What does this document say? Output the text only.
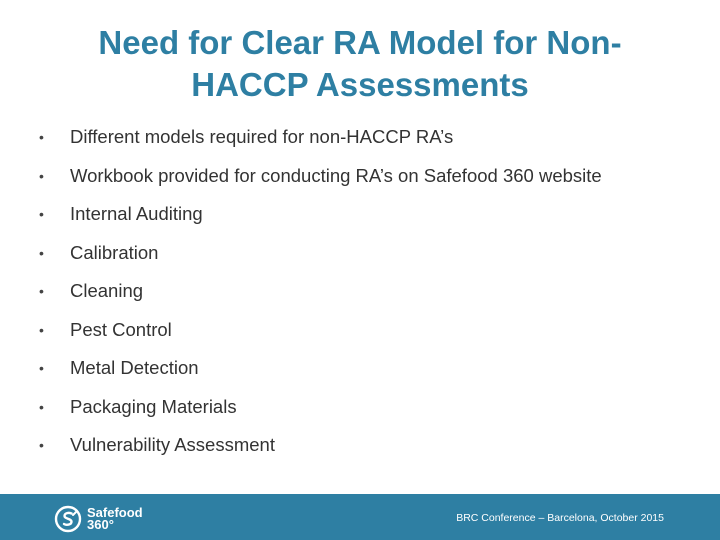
Need for Clear RA Model for Non-
HACCP Assessments
• Different models required for non-HACCP RA’s
• Workbook provided for conducting RA’s on Safefood 360 website
• Internal Auditing
• Calibration
• Cleaning
• Pest Control
• Metal Detection
• Packaging Materials
• Vulnerability Assessment
Safefood
360°	BRC Conference – Barcelona, October 2015
